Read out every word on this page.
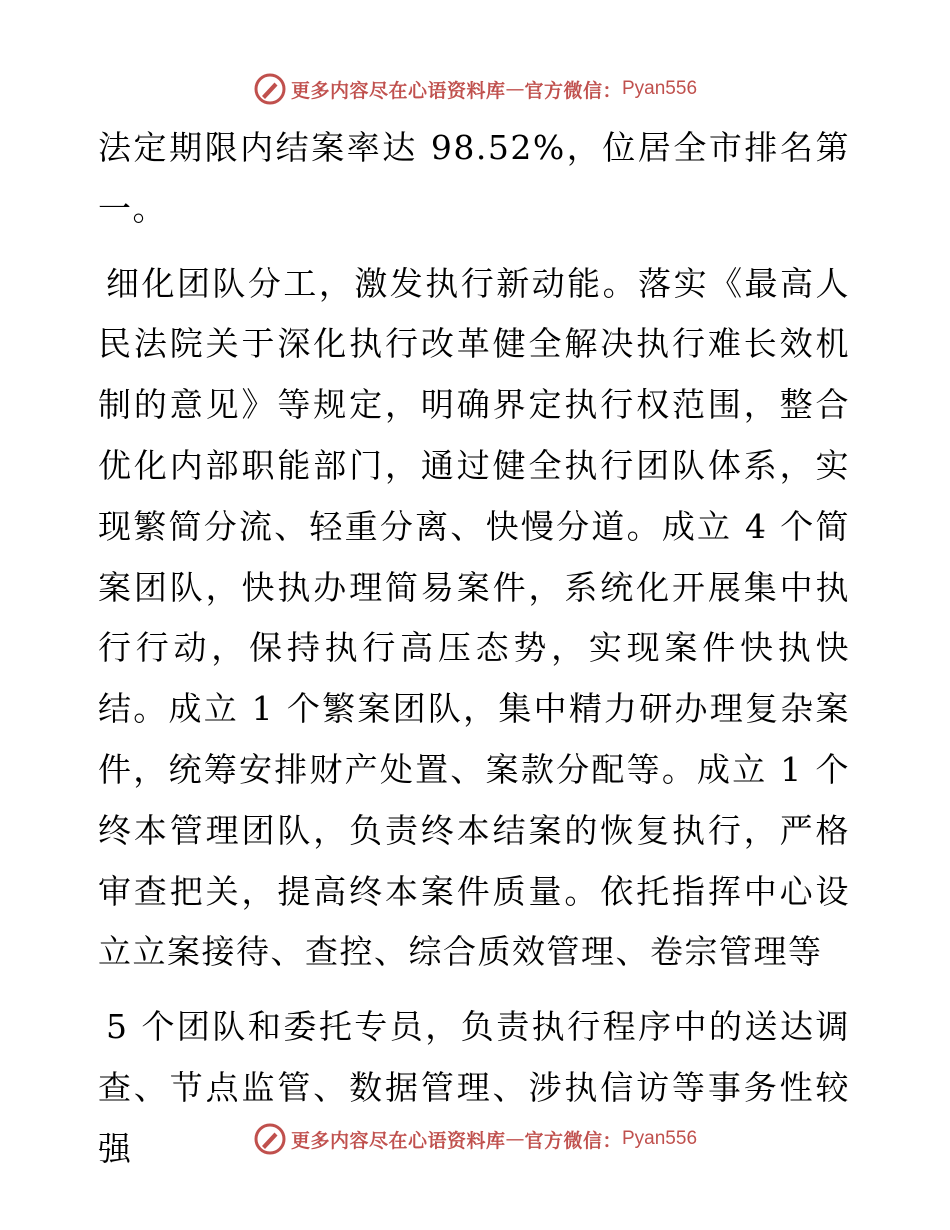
更多内容尽在心语资料库 — 官方微信： Pyan556

法定期限内结案率达 98.52%，位居全市排名第一。

细化团队分工，激发执行新动能。落实《最高人民法院关于深化执行改革健全解决执行难长效机制的意见》等规定，明确界定执行权范围，整合优化内部职能部门，通过健全执行团队体系，实现繁简分流、轻重分离、快慢分道。成立 4 个简案团队，快执办理简易案件，系统化开展集中执行行动，保持执行高压态势，实现案件快执快结。成立 1 个繁案团队，集中精力研办理复杂案件，统筹安排财产处置、案款分配等。成立 1 个终本管理团队，负责终本结案的恢复执行，严格审查把关，提高终本案件质量。依托指挥中心设立立案接待、查控、综合质效管理、卷宗管理等

5 个团队和委托专员，负责执行程序中的送达调查、节点监管、数据管理、涉执信访等事务性较强	更多内容尽在心语资料库 — 官方微信： Pyan556
